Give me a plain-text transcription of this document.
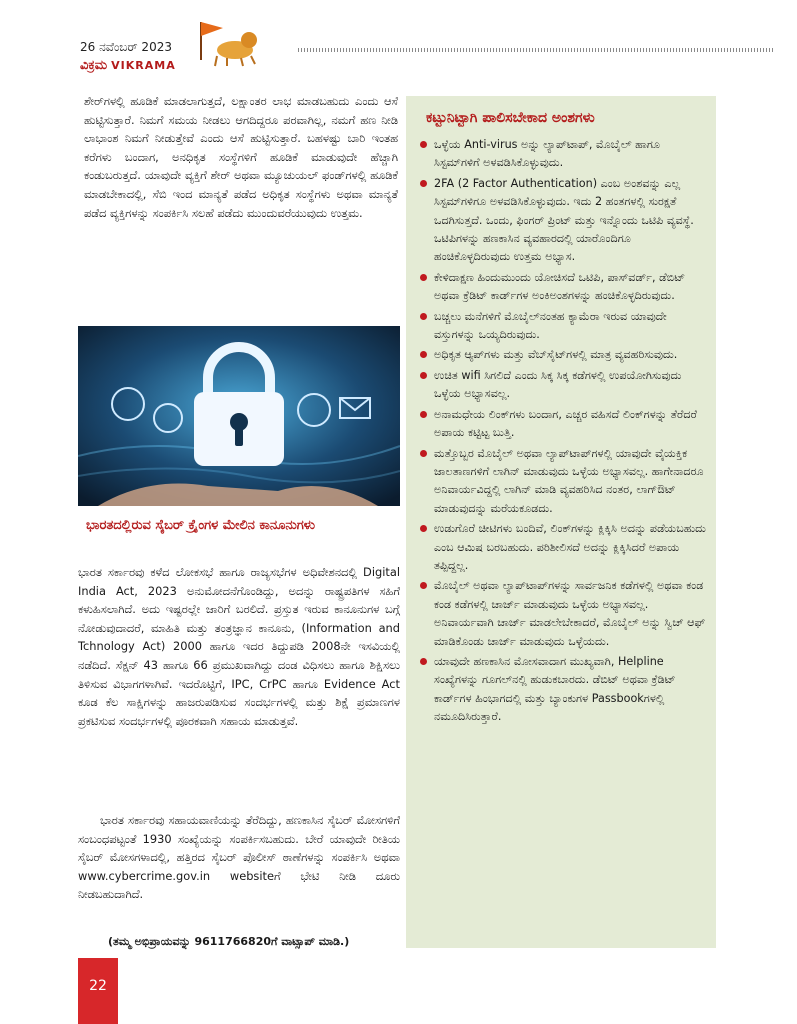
26 ನವೆಂಬರ್ 2023
ವಿಕ್ರಮ VIKRAMA

ಶೇರ್‌ಗಳಲ್ಲಿ ಹೂಡಿಕೆ ಮಾಡಲಾಗುತ್ತದೆ, ಲಕ್ಷಾಂತರ ಲಾಭ ಮಾಡಬಹುದು ಎಂದು ಆಸೆ ಹುಟ್ಟಿಸುತ್ತಾರೆ. ನಿಮಗೆ ಸಮಯ ನೀಡಲು ಆಗದಿದ್ದರೂ ಪರವಾಗಿಲ್ಲ, ನಮಗೆ ಹಣ ನೀಡಿ ಲಾಭಾಂಶ ನಿಮಗೆ ನೀಡುತ್ತೇವೆ ಎಂದು ಆಸೆ ಹುಟ್ಟಿಸುತ್ತಾರೆ. ಬಹಳಷ್ಟು ಬಾರಿ ಇಂತಹ ಕರೆಗಳು ಬಂದಾಗ, ಅನಧಿಕೃತ ಸಂಸ್ಥೆಗಳಿಗೆ ಹೂಡಿಕೆ ಮಾಡುವುದೇ ಹೆಚ್ಚಾಗಿ ಕಂಡುಬರುತ್ತದೆ. ಯಾವುದೇ ವ್ಯಕ್ತಿಗೆ ಶೇರ್ ಅಥವಾ ಮ್ಯೂಚುಯಲ್ ಫಂಡ್‌ಗಳಲ್ಲಿ ಹೂಡಿಕೆ ಮಾಡಬೇಕಾದಲ್ಲಿ, ಸೆಬಿ ಇಂದ ಮಾನ್ಯತೆ ಪಡೆದ ಅಧಿಕೃತ ಸಂಸ್ಥೆಗಳು ಅಥವಾ ಮಾನ್ಯತೆ ಪಡೆದ ವ್ಯಕ್ತಿಗಳನ್ನು ಸಂಪರ್ಕಿಸಿ ಸಲಹೆ ಪಡೆದು ಮುಂದುವರೆಯುವುದು ಉತ್ತಮ.

ಭಾರತದಲ್ಲಿರುವ ಸೈಬರ್ ಕ್ರೈಂಗಳ ಮೇಲಿನ ಕಾನೂನುಗಳು

ಭಾರತ ಸರ್ಕಾರವು ಕಳೆದ ಲೋಕಸಭೆ ಹಾಗೂ ರಾಜ್ಯಸಭೆಗಳ ಅಧಿವೇಶನದಲ್ಲಿ Digital India Act, 2023 ಅನುಮೋದನೆಗೊಂಡಿದ್ದು, ಅದನ್ನು ರಾಷ್ಟ್ರಪತಿಗಳ ಸಹಿಗೆ ಕಳುಹಿಸಲಾಗಿದೆ. ಅದು ಇಷ್ಟರಲ್ಲೇ ಜಾರಿಗೆ ಬರಲಿದೆ. ಪ್ರಸ್ತುತ ಇರುವ ಕಾನೂನುಗಳ ಬಗ್ಗೆ ನೋಡುವುದಾದರೆ, ಮಾಹಿತಿ ಮತ್ತು ತಂತ್ರಜ್ಞಾನ ಕಾನೂನು, (Information and Tchnology Act) 2000 ಹಾಗೂ ಇದರ ತಿದ್ದುಪಡಿ 2008ನೇ ಇಸವಿಯಲ್ಲಿ ನಡೆದಿದೆ. ಸೆಕ್ಷನ್ 43 ಹಾಗೂ 66 ಪ್ರಮುಖವಾಗಿದ್ದು ದಂಡ ವಿಧಿಸಲು ಹಾಗೂ ಶಿಕ್ಷಿಸಲು ತಿಳಿಸುವ ವಿಭಾಗಗಳಾಗಿವೆ. ಇದರೊಟ್ಟಿಗೆ, IPC, CrPC ಹಾಗೂ Evidence Act ಕೂಡ ಕೆಲ ಸಾಕ್ಷಿಗಳನ್ನು ಹಾಜರುಪಡಿಸುವ ಸಂದರ್ಭಗಳಲ್ಲಿ ಮತ್ತು ಶಿಕ್ಷೆ ಪ್ರಮಾಣಗಳ ಪ್ರಕಟಿಸುವ ಸಂದರ್ಭಗಳಲ್ಲಿ ಪೂರಕವಾಗಿ ಸಹಾಯ ಮಾಡುತ್ತವೆ.

ಭಾರತ ಸರ್ಕಾರವು ಸಹಾಯವಾಣಿಯನ್ನು ತೆರೆದಿದ್ದು, ಹಣಕಾಸಿನ ಸೈಬರ್ ಮೋಸಗಳಿಗೆ ಸಂಬಂಧಪಟ್ಟಂತೆ 1930 ಸಂಖ್ಯೆಯನ್ನು ಸಂಪರ್ಕಿಸಬಹುದು. ಬೇರೆ ಯಾವುದೇ ರೀತಿಯ ಸೈಬರ್ ಮೋಸಗಳಾದಲ್ಲಿ, ಹತ್ತಿರದ ಸೈಬರ್ ಪೊಲೀಸ್ ಠಾಣೆಗಳನ್ನು ಸಂಪರ್ಕಿಸಿ ಅಥವಾ www.cybercrime.gov.in websiteಗೆ ಭೇಟಿ ನೀಡಿ ದೂರು ನೀಡಬಹುದಾಗಿದೆ.

(ತಮ್ಮ ಅಭಿಪ್ರಾಯವನ್ನು 9611766820ಗೆ ವಾಟ್ಸಾಪ್ ಮಾಡಿ.)

22
ಕಟ್ಟುನಿಟ್ಟಾಗಿ ಪಾಲಿಸಬೇಕಾದ ಅಂಶಗಳು
ಒಳ್ಳೆಯ Anti-virus ಅನ್ನು ಲ್ಯಾಪ್‌ಟಾಪ್, ಮೊಬೈಲ್ ಹಾಗೂ ಸಿಸ್ಟಮ್‌ಗಳಿಗೆ ಅಳವಡಿಸಿಕೊಳ್ಳುವುದು.
2FA (2 Factor Authentication) ಎಂಬ ಅಂಶವನ್ನು ಎಲ್ಲ ಸಿಸ್ಟಮ್‌ಗಳಿಗೂ ಅಳವಡಿಸಿಕೊಳ್ಳುವುದು. ಇದು 2 ಹಂತಗಳಲ್ಲಿ ಸುರಕ್ಷತೆ ಒದಗಿಸುತ್ತದೆ. ಒಂದು, ಫಿಂಗರ್ ಪ್ರಿಂಟ್ ಮತ್ತು ಇನ್ನೊಂದು ಒಟಿಪಿ ವ್ಯವಸ್ಥೆ. ಒಟಿಪಿಗಳನ್ನು ಹಣಕಾಸಿನ ವ್ಯವಹಾರದಲ್ಲಿ ಯಾರೊಂದಿಗೂ ಹಂಚಿಕೊಳ್ಳದಿರುವುದು ಉತ್ತಮ ಅಭ್ಯಾಸ.
ಕೇಳಿದಾಕ್ಷಣ ಹಿಂದುಮುಂದು ಯೋಚಿಸದೆ ಒಟಿಪಿ, ಪಾಸ್‌ವರ್ಡ್, ಡೆಬಿಟ್ ಅಥವಾ ಕ್ರೆಡಿಟ್ ಕಾರ್ಡ್‌ಗಳ ಅಂಕಿಅಂಶಗಳನ್ನು ಹಂಚಿಕೊಳ್ಳದಿರುವುದು.
ಬಚ್ಚಲು ಮನೆಗಳಿಗೆ ಮೊಬೈಲ್‌ನಂತಹ ಕ್ಯಾಮೆರಾ ಇರುವ ಯಾವುದೇ ವಸ್ತುಗಳನ್ನು ಒಯ್ಯದಿರುವುದು.
ಅಧಿಕೃತ ಆ್ಯಪ್‌ಗಳು ಮತ್ತು ವೆಬ್‌ಸೈಟ್‌ಗಳಲ್ಲಿ ಮಾತ್ರ ವ್ಯವಹರಿಸುವುದು.
ಉಚಿತ wifi ಸಿಗಲಿದೆ ಎಂದು ಸಿಕ್ಕ ಸಿಕ್ಕ ಕಡೆಗಳಲ್ಲಿ ಉಪಯೋಗಿಸುವುದು ಒಳ್ಳೆಯ ಅಭ್ಯಾಸವಲ್ಲ.
ಅನಾಮಧೇಯ ಲಿಂಕ್‌ಗಳು ಬಂದಾಗ, ಎಚ್ಚರ ವಹಿಸದೆ ಲಿಂಕ್‌ಗಳನ್ನು ತೆರೆದರೆ ಅಪಾಯ ಕಟ್ಟಿಟ್ಟ ಬುತ್ತಿ.
ಮತ್ತೊಬ್ಬರ ಮೊಬೈಲ್ ಅಥವಾ ಲ್ಯಾಪ್‌ಟಾಪ್‌ಗಳಲ್ಲಿ ಯಾವುದೇ ವೈಯಕ್ತಿಕ ಜಾಲತಾಣಗಳಿಗೆ ಲಾಗಿನ್ ಮಾಡುವುದು ಒಳ್ಳೆಯ ಅಭ್ಯಾಸವಲ್ಲ. ಹಾಗೇನಾದರೂ ಅನಿವಾರ್ಯವಿದ್ದಲ್ಲಿ ಲಾಗಿನ್ ಮಾಡಿ ವ್ಯವಹರಿಸಿದ ನಂತರ, ಲಾಗ್‌ಔಟ್ ಮಾಡುವುದನ್ನು ಮರೆಯಕೂಡದು.
ಉಡುಗೊರೆ ಚೀಟಿಗಳು ಬಂದಿವೆ, ಲಿಂಕ್‌ಗಳನ್ನು ಕ್ಲಿಕ್ಕಿಸಿ ಅದನ್ನು ಪಡೆಯಬಹುದು ಎಂಬ ಆಮಿಷ ಬರಬಹುದು. ಪರಿಶೀಲಿಸದೆ ಅದನ್ನು ಕ್ಲಿಕ್ಕಿಸಿದರೆ ಅಪಾಯ ತಪ್ಪಿದ್ದಲ್ಲ.
ಮೊಬೈಲ್ ಅಥವಾ ಲ್ಯಾಪ್‌ಟಾಪ್‌ಗಳನ್ನು ಸಾರ್ವಜನಿಕ ಕಡೆಗಳಲ್ಲಿ ಅಥವಾ ಕಂಡ ಕಂಡ ಕಡೆಗಳಲ್ಲಿ ಚಾರ್ಜ್ ಮಾಡುವುದು ಒಳ್ಳೆಯ ಅಭ್ಯಾಸವಲ್ಲ. ಅನಿವಾರ್ಯವಾಗಿ ಚಾರ್ಜ್ ಮಾಡಲೇಬೇಕಾದರೆ, ಮೊಬೈಲ್ ಅನ್ನು ಸ್ವಿಚ್ ಆಫ್ ಮಾಡಿಕೊಂಡು ಚಾರ್ಜ್ ಮಾಡುವುದು ಒಳ್ಳೆಯದು.
ಯಾವುದೇ ಹಣಕಾಸಿನ ಮೋಸವಾದಾಗ ಮುಖ್ಯವಾಗಿ, Helpline ಸಂಖ್ಯೆಗಳನ್ನು ಗೂಗಲ್‌ನಲ್ಲಿ ಹುಡುಕಬಾರದು. ಡೆಬಿಟ್ ಅಥವಾ ಕ್ರೆಡಿಟ್ ಕಾರ್ಡ್‌ಗಳ ಹಿಂಭಾಗದಲ್ಲಿ ಮತ್ತು ಬ್ಯಾಂಕುಗಳ Passbookಗಳಲ್ಲಿ ನಮೂದಿಸಿರುತ್ತಾರೆ.
